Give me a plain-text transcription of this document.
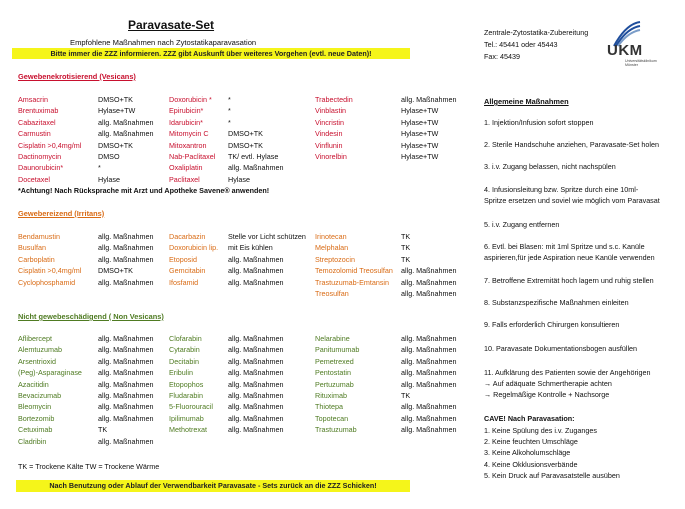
Paravasate-Set
Empfohlene Maßnahmen nach Zytostatikaparavasation
Bitte immer die ZZZ informieren. ZZZ gibt Auskunft über weiteres Vorgehen (evtl. neue Daten)!
Zentrale-Zytostatika-Zubereitung
Tel.: 45441 oder 45443
Fax: 45439	UKM
Universitätsklinikum Münster
Gewebenekrotisierend (Vesicans)
Amsacrin	DMSO+TK	Doxorubicin *	*	Trabectedin	allg. Maßnahmen
Brentuximab	Hylase+TW	Epirubicin*	*	Vinblastin	Hylase+TW
Cabazitaxel	allg. Maßnahmen	Idarubicin*	*	Vincristin	Hylase+TW
Carmustin	allg. Maßnahmen	Mitomycin C	DMSO+TK	Vindesin	Hylase+TW
Cisplatin >0,4mg/ml	DMSO+TK	Mitoxantron	DMSO+TK	Vinflunin	Hylase+TW
Dactinomycin	DMSO	Nab-Paclitaxel	TK/ evtl. Hylase	Vinorelbin	Hylase+TW
Daunorubicin*	*	Oxaliplatin	allg. Maßnahmen		
Docetaxel	Hylase	Paclitaxel	Hylase		
*Achtung! Nach Rücksprache mit Arzt und Apotheke Savene® anwenden!
Gewebereizend (Irritans)
Bendamustin	allg. Maßnahmen	Dacarbazin	Stelle vor Licht schützen	Irinotecan	TK
Busulfan	allg. Maßnahmen	Doxorubicin lip.	mit Eis kühlen	Melphalan	TK
Carboplatin	allg. Maßnahmen	Etoposid	allg. Maßnahmen	Streptozocin	TK
Cisplatin >0,4mg/ml	DMSO+TK	Gemcitabin	allg. Maßnahmen	Temozolomid Treosulfan	allg. Maßnahmen
Cyclophosphamid	allg. Maßnahmen	Ifosfamid	allg. Maßnahmen	Trastuzumab-Emtansin	allg. Maßnahmen
				Treosulfan	allg. Maßnahmen
Nicht gewebeschädigend ( Non Vesicans)
Aflibercept	allg. Maßnahmen	Clofarabin	allg. Maßnahmen	Nelarabine	allg. Maßnahmen
Alemtuzumab	allg. Maßnahmen	Cytarabin	allg. Maßnahmen	Panitumumab	allg. Maßnahmen
Arsentrioxid	allg. Maßnahmen	Decitabin	allg. Maßnahmen	Pemetrexed	allg. Maßnahmen
(Peg)-Asparaginase	allg. Maßnahmen	Eribulin	allg. Maßnahmen	Pentostatin	allg. Maßnahmen
Azacitidin	allg. Maßnahmen	Etopophos	allg. Maßnahmen	Pertuzumab	allg. Maßnahmen
Bevacizumab	allg. Maßnahmen	Fludarabin	allg. Maßnahmen	Rituximab	TK
Bleomycin	allg. Maßnahmen	5-Fluorouracil	allg. Maßnahmen	Thiotepa	allg. Maßnahmen
Bortezomib	allg. Maßnahmen	Ipilimumab	allg. Maßnahmen	Topotecan	allg. Maßnahmen
Cetuximab	TK	Methotrexat	allg. Maßnahmen	Trastuzumab	allg. Maßnahmen
Cladribin	allg. Maßnahmen				
TK = Trockene Kälte TW = Trockene Wärme
Nach Benutzung oder Ablauf der Verwendbarkeit Paravasate - Sets zurück an die ZZZ Schicken!
Allgemeine Maßnahmen
1. Injektion/Infusion sofort stoppen
2. Sterile Handschuhe anziehen, Paravasate-Set holen
3. i.v. Zugang belassen, nicht nachspülen
4. Infusionsleitung bzw. Spritze durch eine 10ml-
Spritze ersetzen und soviel wie möglich vom Paravasat
5. i.v. Zugang entfernen
6. Evtl. bei Blasen: mit 1ml Spritze und s.c. Kanüle
aspirieren,für jede Aspiration neue Kanüle verwenden
7. Betroffene Extremität hoch lagern und ruhig stellen
8. Substanzspezifische Maßnahmen einleiten
9. Falls erforderlich Chirurgen konsultieren
10. Paravasate Dokumentationsbogen ausfüllen
11. Aufklärung des Patienten sowie der Angehörigen
→ Auf adäquate Schmertherapie achten
→ Regelmäßige Kontrolle + Nachsorge
CAVE! Nach Paravasation:
1. Keine Spülung des i.v. Zuganges
2. Keine feuchten Umschläge
3. Keine Alkoholumschläge
4. Keine Okklusionsverbände
5. Kein Druck auf Paravasatstelle ausüben
